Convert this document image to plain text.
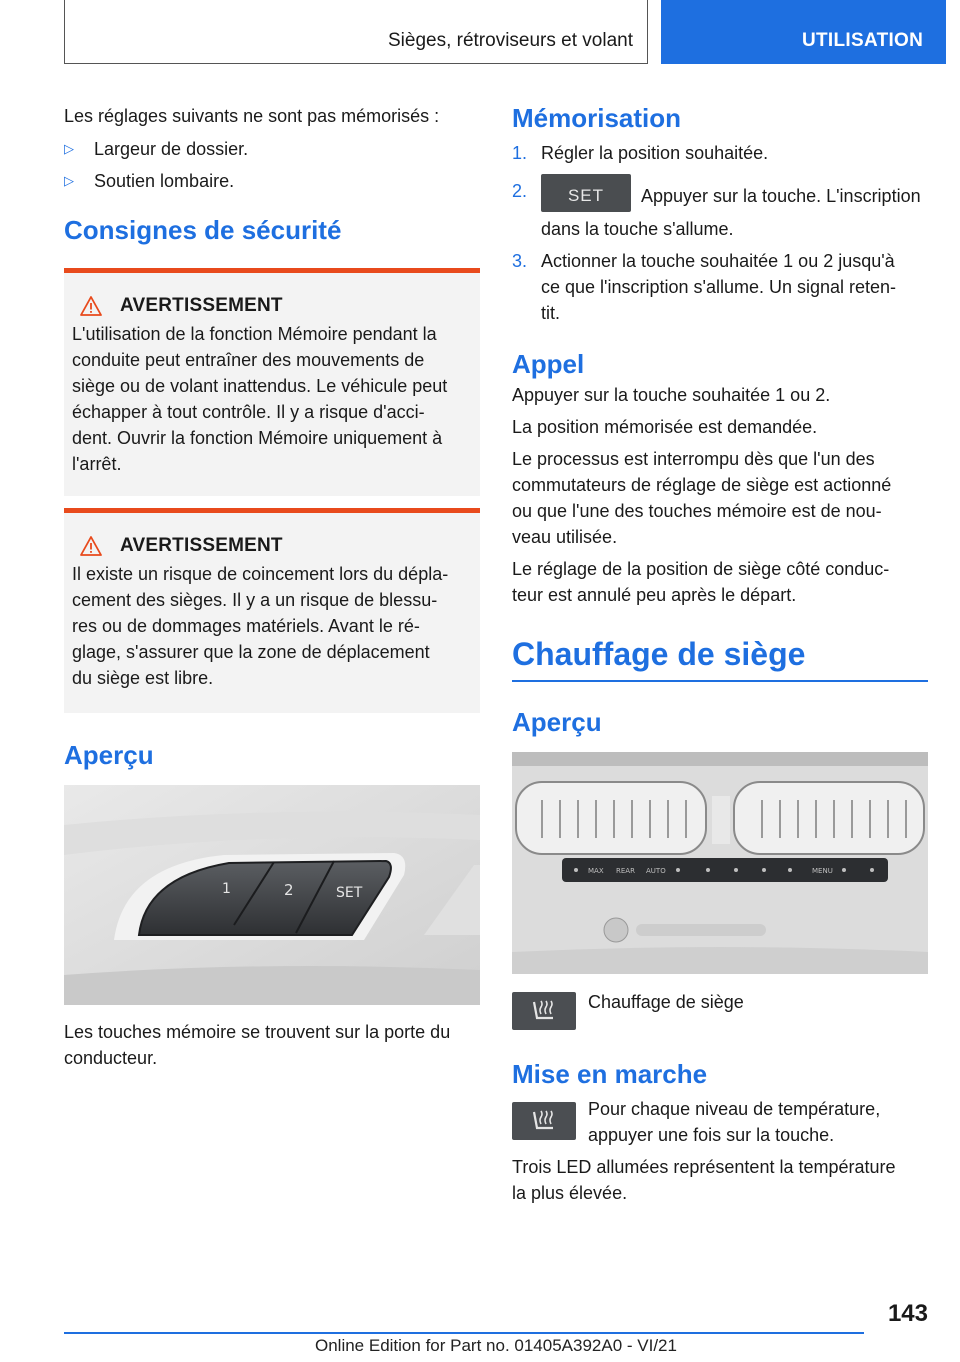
Sièges, rétroviseurs et volant	UTILISATION

Les réglages suivants ne sont pas mémorisés :

▷	Largeur de dossier.
▷	Soutien lombaire.
Consignes de sécurité
AVERTISSEMENT

L'utilisation de la fonction Mémoire pendant la

conduite peut entraîner des mouvements de

siège ou de volant inattendus. Le véhicule peut

échapper à tout contrôle. Il y a risque d'acci-

dent. Ouvrir la fonction Mémoire uniquement à

l'arrêt.

AVERTISSEMENT

Il existe un risque de coincement lors du dépla-

cement des sièges. Il y a un risque de blessu-

res ou de dommages matériels. Avant le ré-

glage, s'assurer que la zone de déplacement

du siège est libre.

Aperçu
1	2	SET

Les touches mémoire se trouvent sur la porte du

conducteur.

Mémorisation
1. Régler la position souhaitée.
2.	SET	Appuyer sur la touche. L'inscription
dans la touche s'allume.
3. Actionner la touche souhaitée 1 ou 2 jusqu'à
ce que l'inscription s'allume. Un signal reten-
tit.
Appel

Appuyer sur la touche souhaitée 1 ou 2.

La position mémorisée est demandée.

Le processus est interrompu dès que l'un des

commutateurs de réglage de siège est actionné

ou que l'une des touches mémoire est de nou-

veau utilisée.

Le réglage de la position de siège côté conduc-

teur est annulé peu après le départ.

Chauffage de siège
Aperçu
MAX REAR AUTO	MENU

Chauffage de siège

Mise en marche

Pour chaque niveau de température,

appuyer une fois sur la touche.

Trois LED allumées représentent la température

la plus élevée.

143
Online Edition for Part no. 01405A392A0 - VI/21
